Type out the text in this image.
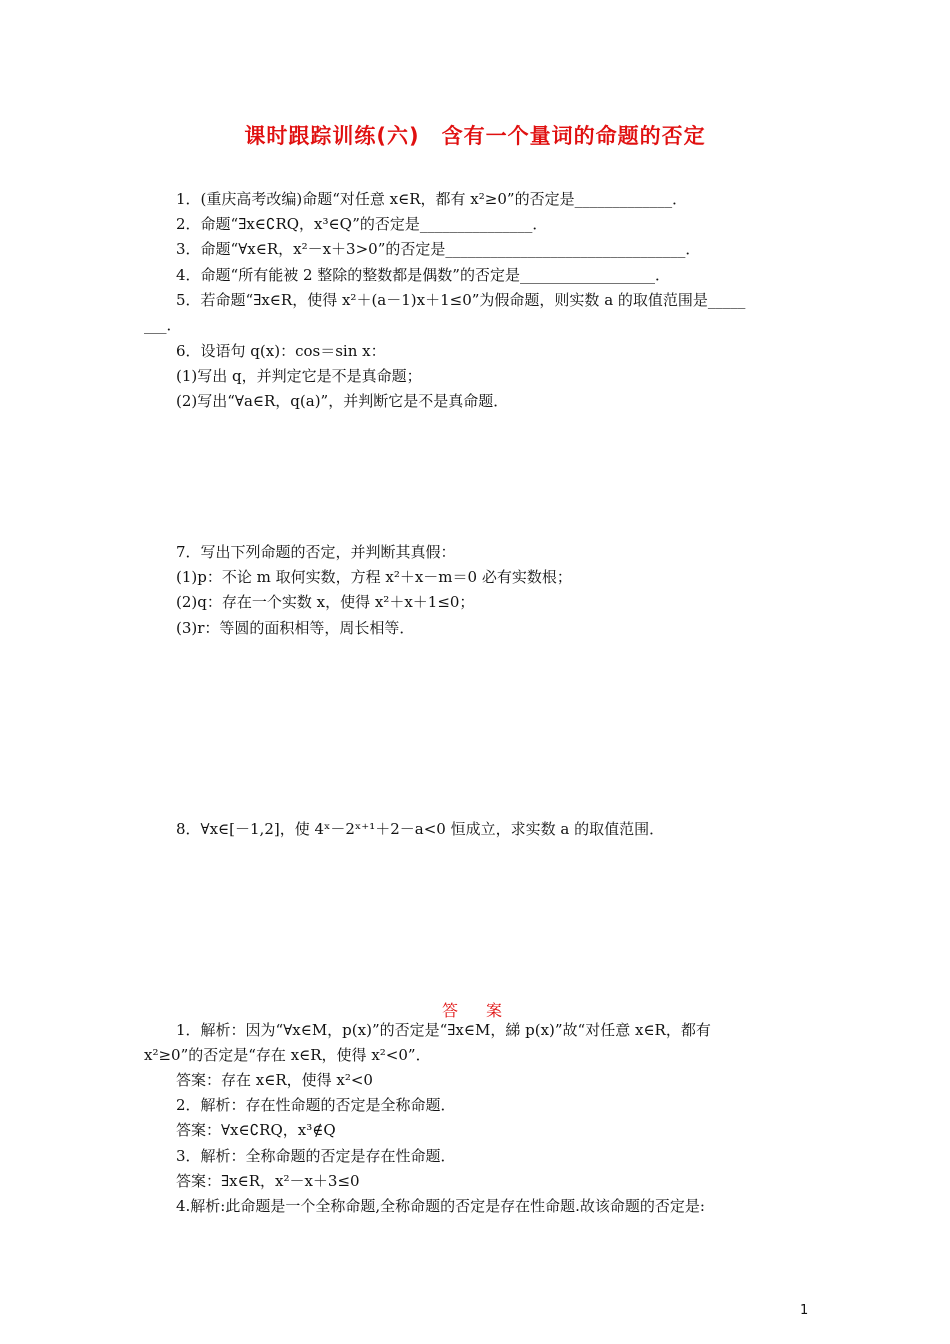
课时跟踪训练(六)　含有一个量词的命题的否定
1．(重庆高考改编)命题“对任意 x∈R，都有 x²≥0”的否定是_____________．
2．命题“∃x∈∁RQ，x³∈Q”的否定是_______________．
3．命题“∀x∈R，x²－x＋3>0”的否定是________________________________．
4．命题“所有能被 2 整除的整数都是偶数”的否定是__________________．
5．若命题“∃x∈R，使得 x²＋(a－1)x＋1≤0”为假命题，则实数 a 的取值范围是_____
___．
6．设语句 q(x)：cos＝sin x：
(1)写出 q，并判定它是不是真命题；
(2)写出“∀a∈R，q(a)”，并判断它是不是真命题．
7．写出下列命题的否定，并判断其真假：
(1)p：不论 m 取何实数，方程 x²＋x－m＝0 必有实数根；
(2)q：存在一个实数 x，使得 x²＋x＋1≤0；
(3)r：等圆的面积相等，周长相等．
8．∀x∈[－1,2]，使 4ˣ－2ˣ⁺¹＋2－a<0 恒成立，求实数 a 的取值范围．
答　案
1．解析：因为“∀x∈M，p(x)”的否定是“∃x∈M，綈 p(x)”故“对任意 x∈R，都有
x²≥0”的否定是“存在 x∈R，使得 x²<0”．
答案：存在 x∈R，使得 x²<0
2．解析：存在性命题的否定是全称命题．
答案：∀x∈∁RQ，x³∉Q
3．解析：全称命题的否定是存在性命题．
答案：∃x∈R，x²－x＋3≤0
4.解析:此命题是一个全称命题,全称命题的否定是存在性命题.故该命题的否定是:
1
